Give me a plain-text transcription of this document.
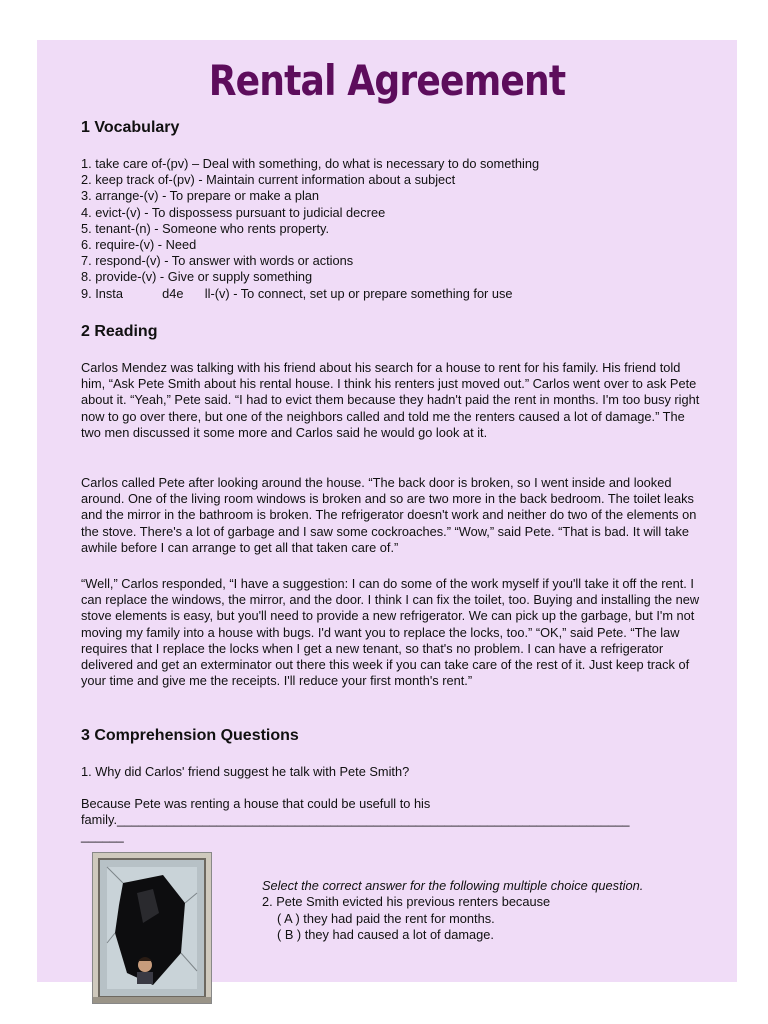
Rental Agreement
1 Vocabulary

1. take care of-(pv) – Deal with something, do what is necessary to do something

2. keep track of-(pv) - Maintain current information about a subject

3. arrange-(v) - To prepare or make a plan

4. evict-(v) - To dispossess pursuant to judicial decree

5. tenant-(n) - Someone who rents property.

6. require-(v) - Need

7. respond-(v) - To answer with words or actions

8. provide-(v) - Give or supply something

9. Insta           d4e      ll-(v) - To connect, set up or prepare something for use

2 Reading
Carlos Mendez was talking with his friend about his search for a house to rent for his family. His friend told him, “Ask Pete Smith about his rental house. I think his renters just moved out.” Carlos went over to ask Pete about it. “Yeah,” Pete said. “I had to evict them because they hadn't paid the rent in months. I'm too busy right now to go over there, but one of the neighbors called and told me the renters caused a lot of damage.” The two men discussed it some more and Carlos said he would go look at it.
Carlos called Pete after looking around the house. “The back door is broken, so I went inside and looked around. One of the living room windows is broken and so are two more in the back bedroom. The toilet leaks and the mirror in the bathroom is broken. The refrigerator doesn't work and neither do two of the elements on the stove. There's a lot of garbage and I saw some cockroaches.” “Wow,” said Pete. “That is bad. It will take awhile before I can arrange to get all that taken care of.”
“Well,” Carlos responded, “I have a suggestion: I can do some of the work myself if you'll take it off the rent. I can replace the windows, the mirror, and the door. I think I can fix the toilet, too. Buying and installing the new stove elements is easy, but you'll need to provide a new refrigerator. We can pick up the garbage, but I'm not moving my family into a house with bugs. I'd want you to replace the locks, too.” “OK,” said Pete. “The law requires that I replace the locks when I get a new tenant, so that's no problem. I can have a refrigerator delivered and get an exterminator out there this week if you can take care of the rest of it. Just keep track of your time and give me the receipts. I'll reduce your first month's rent.”
3 Comprehension Questions
1. Why did Carlos' friend suggest he talk with Pete Smith?

Because Pete was renting a house that could be usefull to his

family.________________________________________________________________________

______

Select the correct answer for the following multiple choice question.
2. Pete Smith evicted his previous renters because
( A ) they had paid the rent for months.
( B ) they had caused a lot of damage.
